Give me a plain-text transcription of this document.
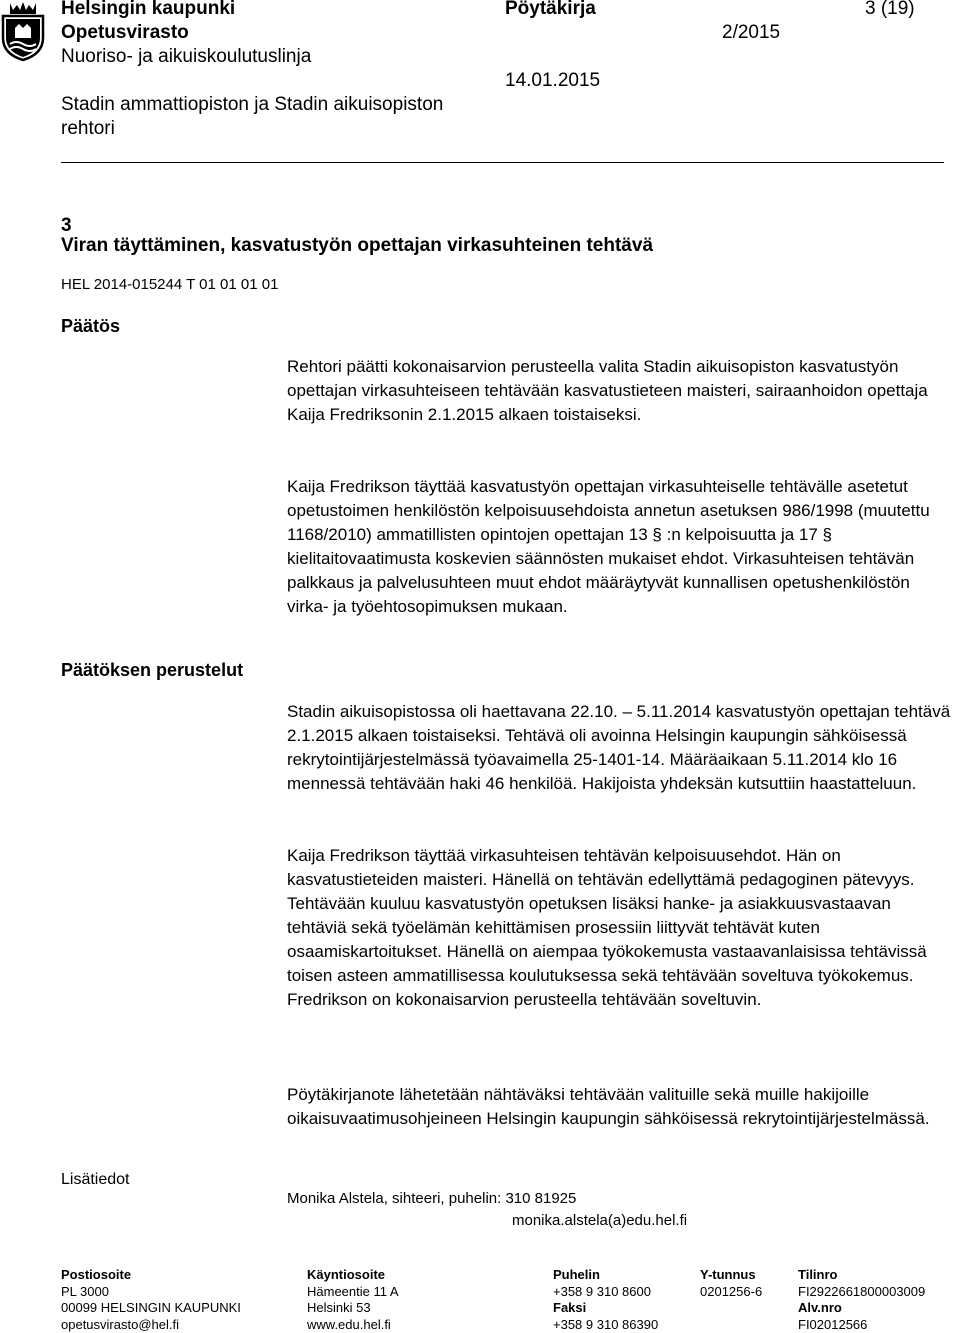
Helsingin kaupunki
Opetusvirasto
Nuoriso- ja aikuiskoulutuslinja
Stadin ammattiopiston ja Stadin aikuisopiston
rehtori
Pöytäkirja
2/2015
14.01.2015
3 (19)
3
Viran täyttäminen, kasvatustyön opettajan virkasuhteinen tehtävä
HEL 2014-015244 T 01 01 01 01
Päätös
Päätöksen perustelut
Lisätiedot

Rehtori päätti kokonaisarvion perusteella valita Stadin aikuisopiston kasvatustyön opettajan virkasuhteiseen tehtävään kasvatustieteen maisteri, sairaanhoidon opettaja Kaija Fredriksonin 2.1.2015 alkaen toistaiseksi.

Kaija Fredrikson täyttää kasvatustyön opettajan virkasuhteiselle tehtävälle asetetut opetustoimen henkilöstön kelpoisuusehdoista annetun asetuksen 986/1998 (muutettu 1168/2010) ammatillisten opintojen opettajan 13 § :n kelpoisuutta ja 17 § kielitaitovaatimusta koskevien säännösten mukaiset ehdot. Virkasuhteisen tehtävän palkkaus ja palvelusuhteen muut ehdot määräytyvät kunnallisen opetushenkilöstön virka- ja työehtosopimuksen mukaan.

Stadin aikuisopistossa oli haettavana 22.10. – 5.11.2014 kasvatustyön opettajan tehtävä 2.1.2015 alkaen toistaiseksi. Tehtävä oli avoinna Helsingin kaupungin sähköisessä rekrytointijärjestelmässä työavaimella 25-1401-14. Määräaikaan 5.11.2014 klo 16 mennessä tehtävään haki 46 henkilöä. Hakijoista yhdeksän kutsuttiin haastatteluun.

Kaija Fredrikson täyttää virkasuhteisen tehtävän kelpoisuusehdot. Hän on kasvatustieteiden maisteri. Hänellä on tehtävän edellyttämä pedagoginen pätevyys. Tehtävään kuuluu kasvatustyön opetuksen lisäksi hanke- ja asiakkuusvastaavan tehtäviä sekä työelämän kehittämisen prosessiin liittyvät tehtävät kuten osaamiskartoitukset. Hänellä on aiempaa työkokemusta vastaavanlaisissa tehtävissä toisen asteen ammatillisessa koulutuksessa sekä tehtävään soveltuva työkokemus. Fredrikson on kokonaisarvion perusteella tehtävään soveltuvin.

Pöytäkirjanote lähetetään nähtäväksi tehtävään valituille sekä muille hakijoille oikaisuvaatimusohjeineen Helsingin kaupungin sähköisessä rekrytointijärjestelmässä.

Monika Alstela, sihteeri, puhelin: 310 81925
monika.alstela(a)edu.hel.fi
Postiosoite
PL 3000
00099 HELSINGIN KAUPUNKI
opetusvirasto@hel.fi
Käyntiosoite
Hämeentie 11 A
Helsinki 53
www.edu.hel.fi
Puhelin
+358 9 310 8600
Faksi
+358 9 310 86390
Y-tunnus
0201256-6
Tilinro
FI2922661800003009
Alv.nro
FI02012566
